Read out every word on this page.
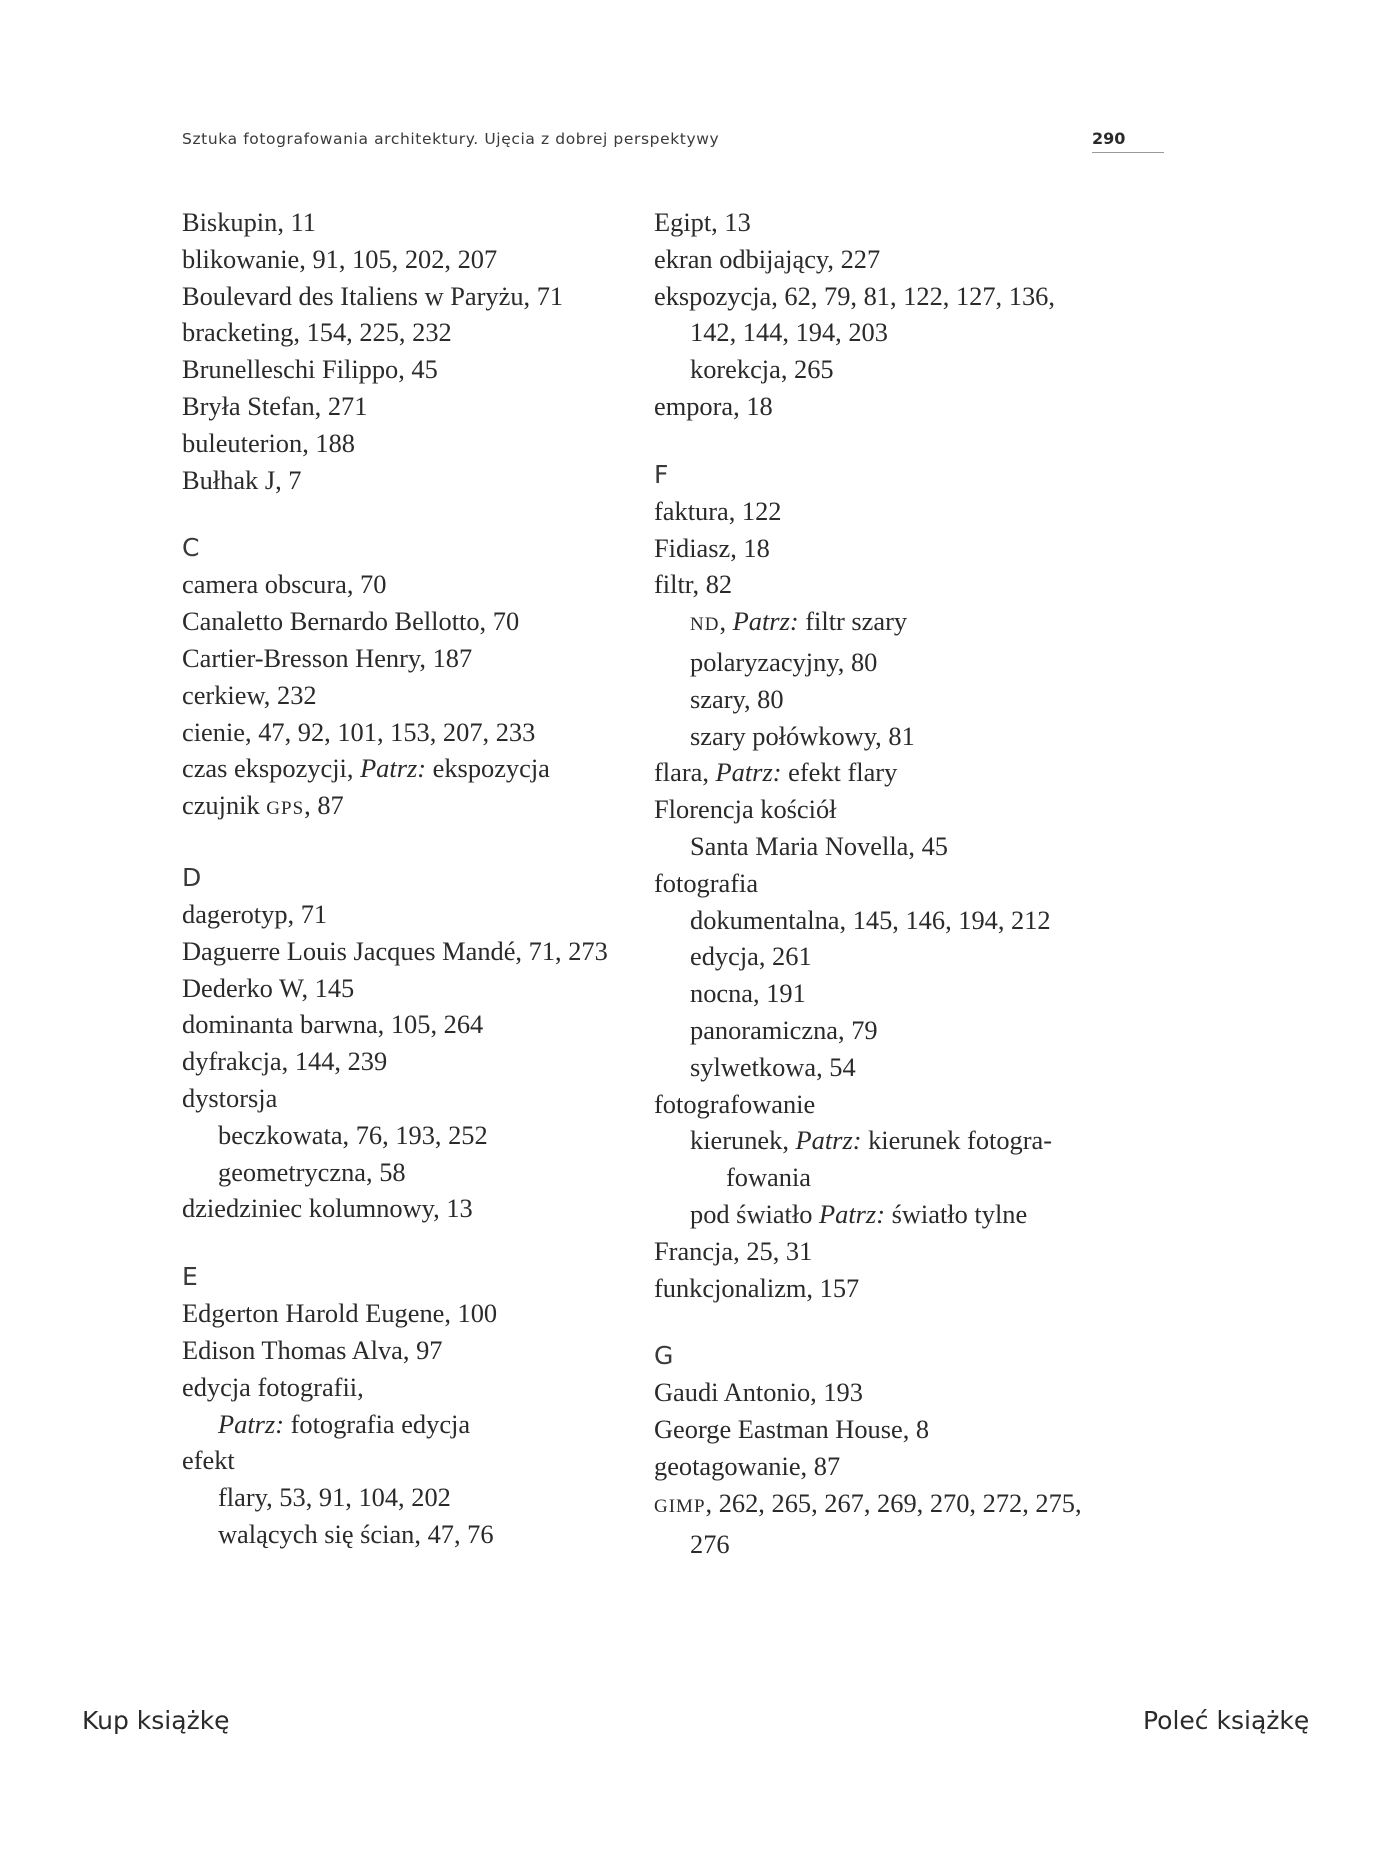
Sztuka fotografowania architektury. Ujęcia z dobrej perspektywy	290
Biskupin, 11
blikowanie, 91, 105, 202, 207
Boulevard des Italiens w Paryżu, 71
bracketing, 154, 225, 232
Brunelleschi Filippo, 45
Bryła Stefan, 271
buleuterion, 188
Bułhak J, 7
C
camera obscura, 70
Canaletto Bernardo Bellotto, 70
Cartier-Bresson Henry, 187
cerkiew, 232
cienie, 47, 92, 101, 153, 207, 233
czas ekspozycji, Patrz: ekspozycja
czujnik GPS, 87
D
dagerotyp, 71
Daguerre Louis Jacques Mandé, 71, 273
Dederko W, 145
dominanta barwna, 105, 264
dyfrakcja, 144, 239
dystorsja
beczkowata, 76, 193, 252
geometryczna, 58
dziedziniec kolumnowy, 13
E
Edgerton Harold Eugene, 100
Edison Thomas Alva, 97
edycja fotografii,
Patrz: fotografia edycja
efekt
flary, 53, 91, 104, 202
walących się ścian, 47, 76
Egipt, 13
ekran odbijający, 227
ekspozycja, 62, 79, 81, 122, 127, 136,
142, 144, 194, 203
korekcja, 265
empora, 18
F
faktura, 122
Fidiasz, 18
filtr, 82
ND, Patrz: filtr szary
polaryzacyjny, 80
szary, 80
szary połówkowy, 81
flara, Patrz: efekt flary
Florencja kościół
Santa Maria Novella, 45
fotografia
dokumentalna, 145, 146, 194, 212
edycja, 261
nocna, 191
panoramiczna, 79
sylwetkowa, 54
fotografowanie
kierunek, Patrz: kierunek fotogra-
fowania
pod światło Patrz: światło tylne
Francja, 25, 31
funkcjonalizm, 157
G
Gaudi Antonio, 193
George Eastman House, 8
geotagowanie, 87
GIMP, 262, 265, 267, 269, 270, 272, 275,
276
Kup książkę	Poleć książkę
